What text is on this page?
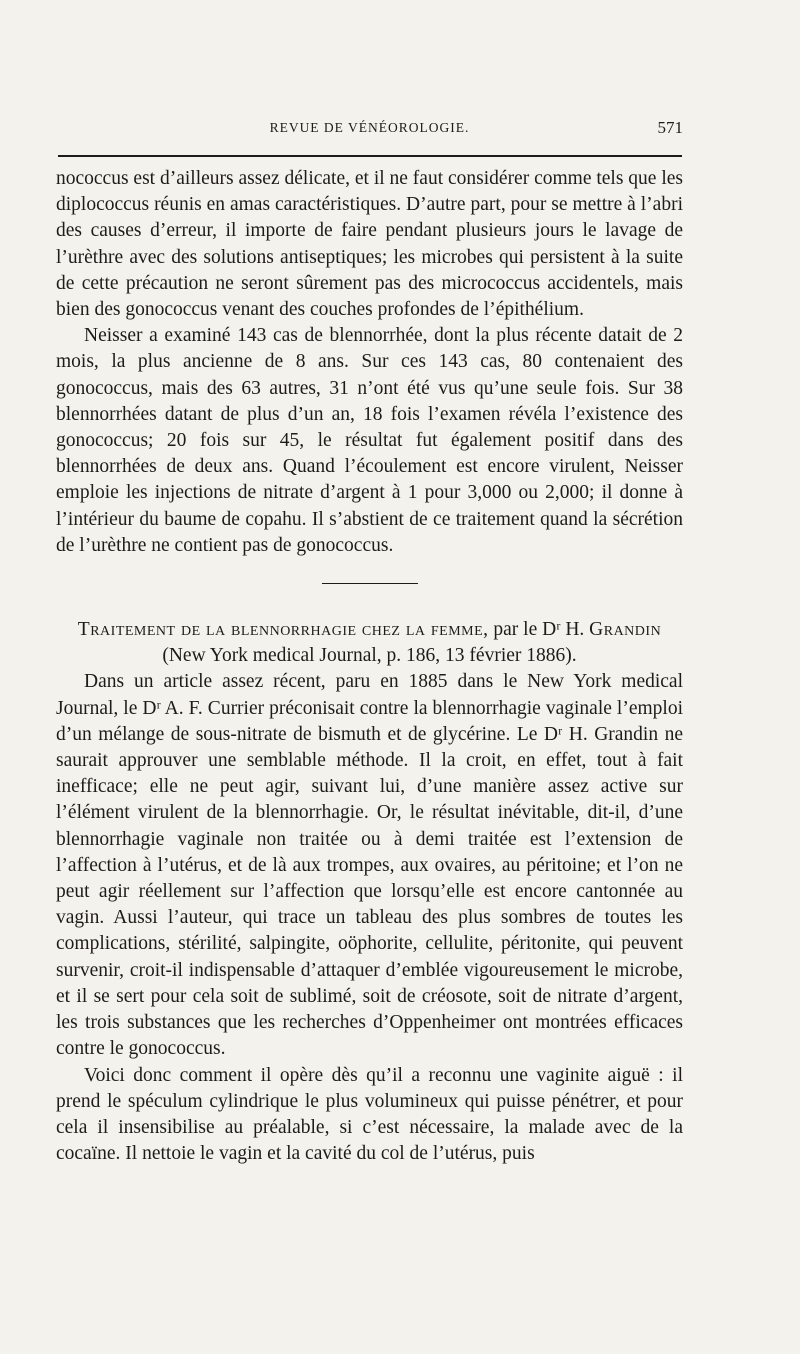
REVUE DE VÉNÉOROLOGIE.	571

nococcus est d’ailleurs assez délicate, et il ne faut considérer comme tels que les diplococcus réunis en amas caractéristiques. D’autre part, pour se mettre à l’abri des causes d’erreur, il importe de faire pendant plusieurs jours le lavage de l’urèthre avec des solutions antiseptiques; les microbes qui persistent à la suite de cette précaution ne seront sûrement pas des micrococcus accidentels, mais bien des gonococcus venant des couches profondes de l’épithélium.

Neisser a examiné 143 cas de blennorrhée, dont la plus récente datait de 2 mois, la plus ancienne de 8 ans. Sur ces 143 cas, 80 contenaient des gonococcus, mais des 63 autres, 31 n’ont été vus qu’une seule fois. Sur 38 blennorrhées datant de plus d’un an, 18 fois l’examen révéla l’existence des gonococcus; 20 fois sur 45, le résultat fut également positif dans des blennorrhées de deux ans. Quand l’écoulement est encore virulent, Neisser emploie les injections de nitrate d’argent à 1 pour 3,000 ou 2,000; il donne à l’intérieur du baume de copahu. Il s’abstient de ce traitement quand la sécrétion de l’urèthre ne contient pas de gonococcus.

Traitement de la blennorrhagie chez la femme, par le Dʳ H. Grandin

(New York medical Journal, p. 186, 13 février 1886).

Dans un article assez récent, paru en 1885 dans le New York medical Journal, le Dʳ A. F. Currier préconisait contre la blennorrhagie vaginale l’emploi d’un mélange de sous-nitrate de bismuth et de glycérine. Le Dʳ H. Grandin ne saurait approuver une semblable méthode. Il la croit, en effet, tout à fait inefficace; elle ne peut agir, suivant lui, d’une manière assez active sur l’élément virulent de la blennorrhagie. Or, le résultat inévitable, dit-il, d’une blennorrhagie vaginale non traitée ou à demi traitée est l’extension de l’affection à l’utérus, et de là aux trompes, aux ovaires, au péritoine; et l’on ne peut agir réellement sur l’affection que lorsqu’elle est encore cantonnée au vagin. Aussi l’auteur, qui trace un tableau des plus sombres de toutes les complications, stérilité, salpingite, oöphorite, cellulite, péritonite, qui peuvent survenir, croit-il indispensable d’attaquer d’emblée vigoureusement le microbe, et il se sert pour cela soit de sublimé, soit de créosote, soit de nitrate d’argent, les trois substances que les recherches d’Oppenheimer ont montrées efficaces contre le gonococcus.

Voici donc comment il opère dès qu’il a reconnu une vaginite aiguë : il prend le spéculum cylindrique le plus volumineux qui puisse pénétrer, et pour cela il insensibilise au préalable, si c’est nécessaire, la malade avec de la cocaïne. Il nettoie le vagin et la cavité du col de l’utérus, puis
